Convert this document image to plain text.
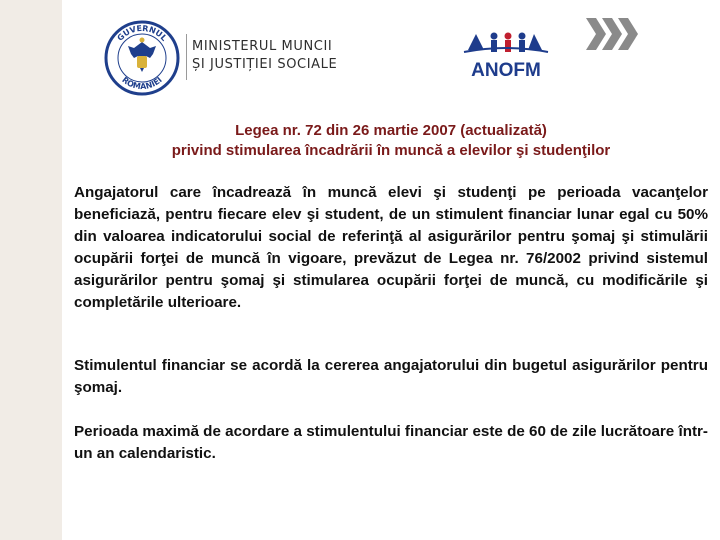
GUVERNUL
ROMÂNIEI
MINISTERUL MUNCII
ȘI JUSTIȚIEI SOCIALE	ANOFM
Legea nr. 72 din 26 martie 2007 (actualizată)
privind stimularea încadrării în muncă a elevilor şi studenţilor

Angajatorul care încadrează în muncă elevi şi studenţi pe perioada vacanţelor beneficiază, pentru fiecare elev şi student, de un stimulent financiar lunar egal cu 50% din valoarea indicatorului social de referinţă al asigurărilor pentru şomaj şi stimulării ocupării forţei de muncă în vigoare, prevăzut de Legea nr. 76/2002 privind sistemul asigurărilor pentru şomaj şi stimularea ocupării forţei de muncă, cu modificările şi completările ulterioare.

Stimulentul financiar se acordă la cererea angajatorului din bugetul asigurărilor pentru şomaj.

Perioada maximă de acordare a stimulentului financiar este de 60 de zile lucrătoare într-un an calendaristic.
